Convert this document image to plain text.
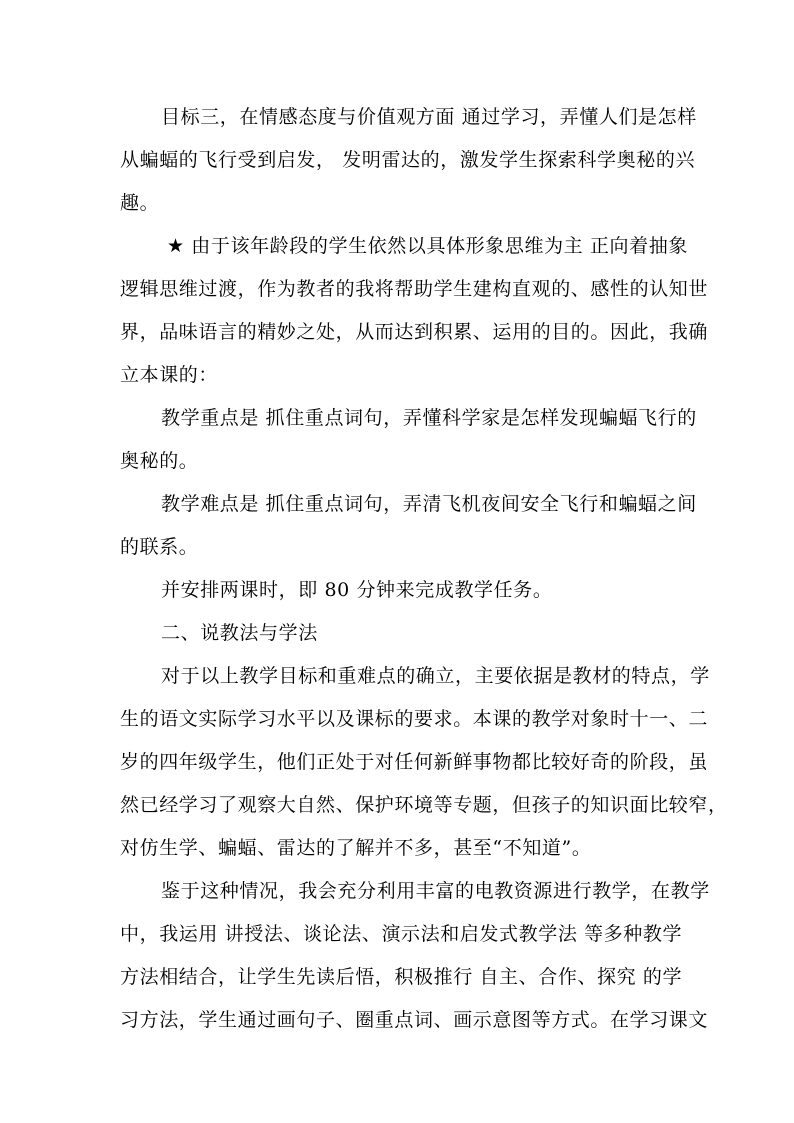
目标三，在情感态度与价值观方面 通过学习，弄懂人们是怎样
从蝙蝠的飞行受到启发， 发明雷达的，激发学生探索科学奥秘的兴
趣。
★ 由于该年龄段的学生依然以具体形象思维为主 正向着抽象
逻辑思维过渡，作为教者的我将帮助学生建构直观的、感性的认知世
界，品味语言的精妙之处，从而达到积累、运用的目的。因此，我确
立本课的：
教学重点是 抓住重点词句，弄懂科学家是怎样发现蝙蝠飞行的
奥秘的。
教学难点是 抓住重点词句，弄清飞机夜间安全飞行和蝙蝠之间
的联系。
并安排两课时，即 80 分钟来完成教学任务。
二、说教法与学法
对于以上教学目标和重难点的确立，主要依据是教材的特点，学
生的语文实际学习水平以及课标的要求。本课的教学对象时十一、二
岁的四年级学生，他们正处于对任何新鲜事物都比较好奇的阶段，虽
然已经学习了观察大自然、保护环境等专题，但孩子的知识面比较窄，
对仿生学、蝙蝠、雷达的了解并不多，甚至“不知道”。
鉴于这种情况，我会充分利用丰富的电教资源进行教学，在教学
中，我运用 讲授法、谈论法、演示法和启发式教学法 等多种教学
方法相结合，让学生先读后悟，积极推行 自主、合作、探究 的学
习方法，学生通过画句子、圈重点词、画示意图等方式。在学习课文
